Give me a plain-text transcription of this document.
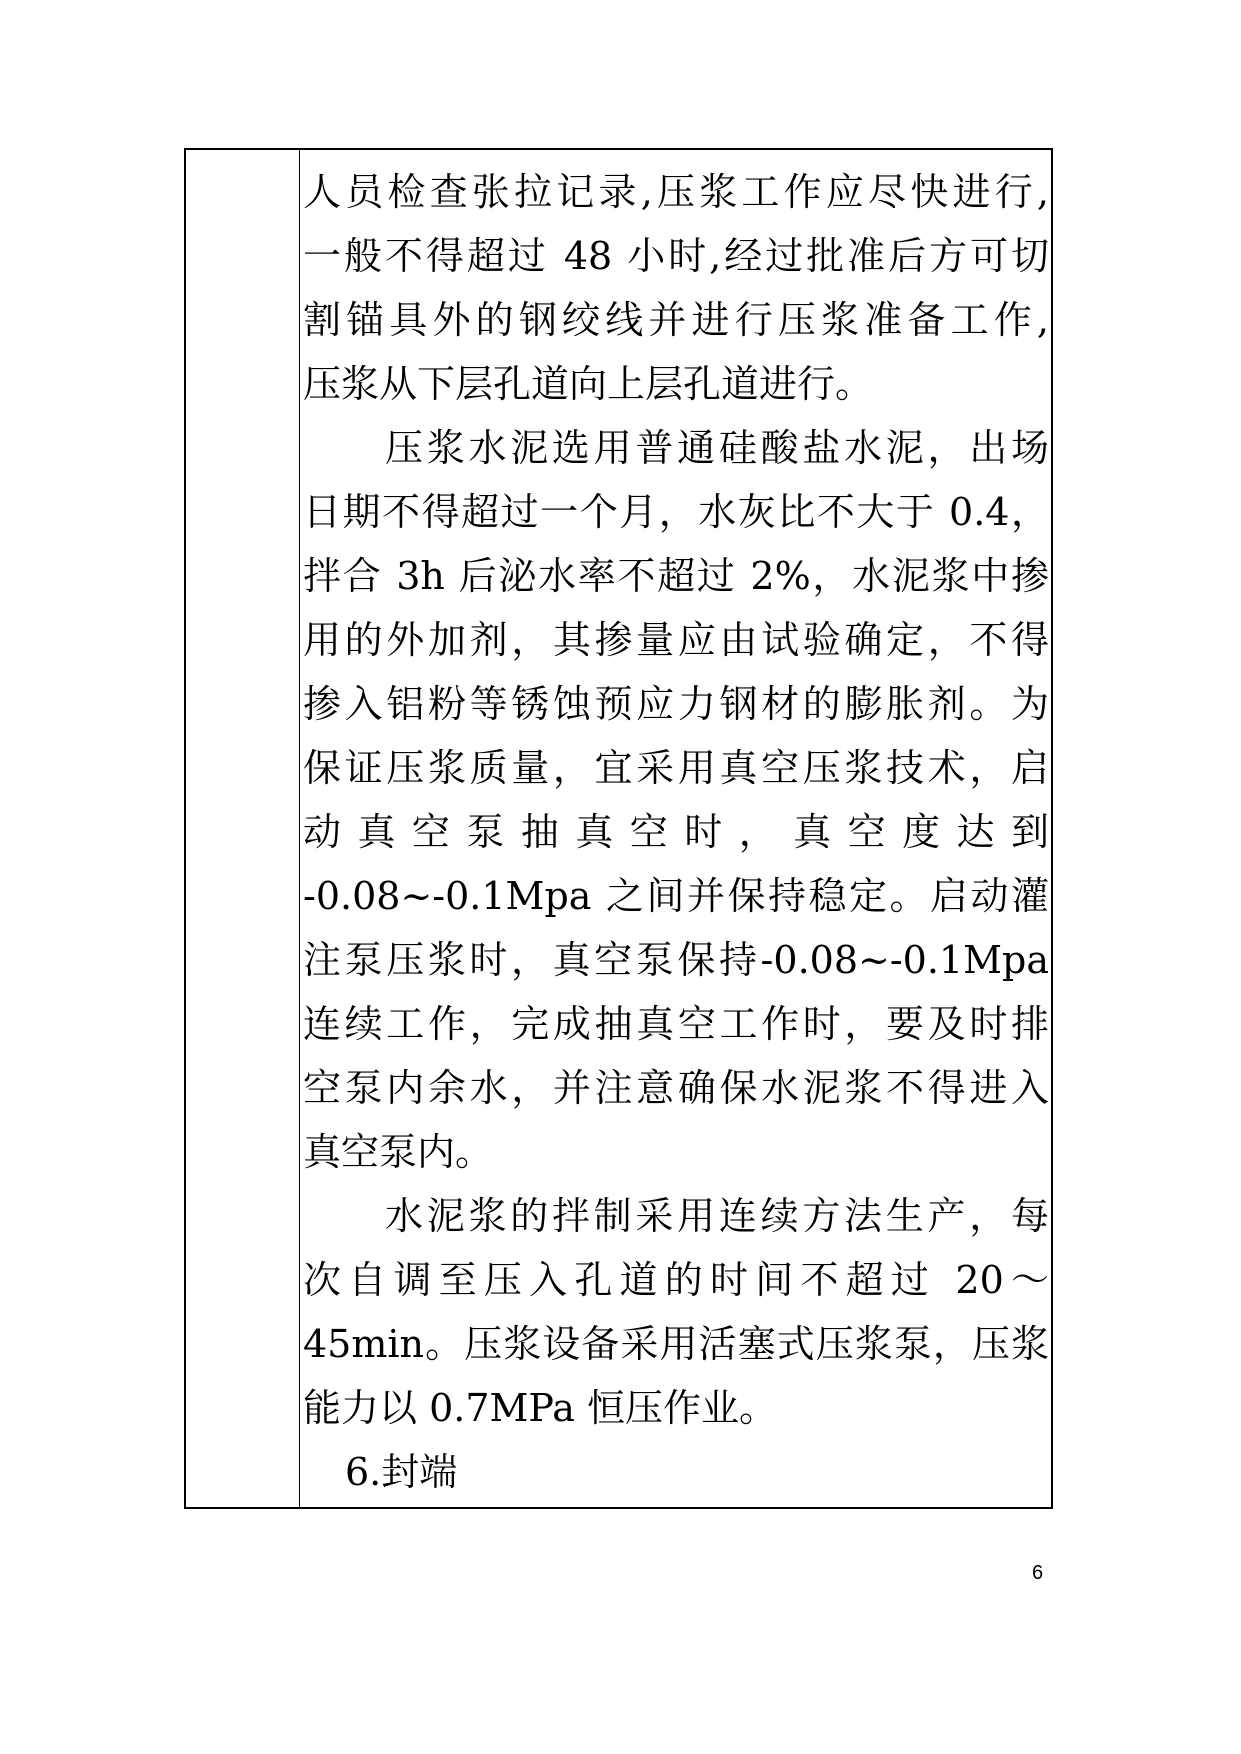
人员检查张拉记录,压浆工作应尽快进行,
一般不得超过 48 小时,经过批准后方可切
割锚具外的钢绞线并进行压浆准备工作,
压浆从下层孔道向上层孔道进行。
压浆水泥选用普通硅酸盐水泥，出场
日期不得超过一个月，水灰比不大于 0.4，
拌合 3h 后泌水率不超过 2%，水泥浆中掺
用的外加剂，其掺量应由试验确定，不得
掺入铝粉等锈蚀预应力钢材的膨胀剂。为
保证压浆质量，宜采用真空压浆技术，启
动 真 空 泵 抽 真 空 时 ， 真 空 度 达 到
-0.08~-0.1Mpa 之间并保持稳定。启动灌
注泵压浆时，真空泵保持-0.08~-0.1Mpa
连续工作，完成抽真空工作时，要及时排
空泵内余水，并注意确保水泥浆不得进入
真空泵内。
水泥浆的拌制采用连续方法生产，每
次自调至压入孔道的时间不超过 20～
45min。压浆设备采用活塞式压浆泵，压浆
能力以 0.7MPa 恒压作业。
6.封端
6
